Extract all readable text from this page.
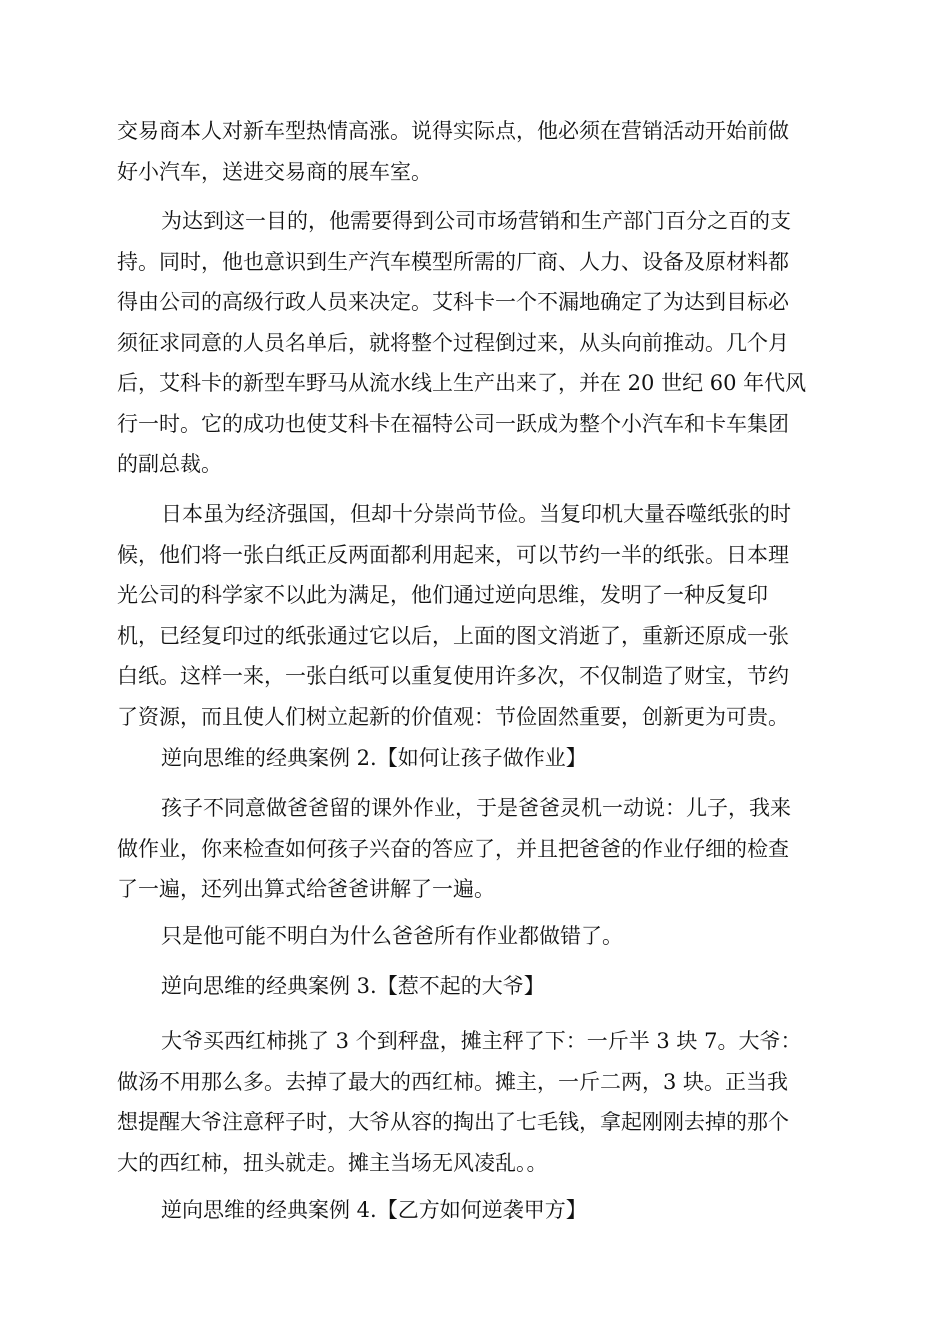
交易商本人对新车型热情高涨。说得实际点，他必须在营销活动开始前做
好小汽车，送进交易商的展车室。
为达到这一目的，他需要得到公司市场营销和生产部门百分之百的支
持。同时，他也意识到生产汽车模型所需的厂商、人力、设备及原材料都
得由公司的高级行政人员来决定。艾科卡一个不漏地确定了为达到目标必
须征求同意的人员名单后，就将整个过程倒过来，从头向前推动。几个月
后，艾科卡的新型车野马从流水线上生产出来了，并在 20 世纪 60 年代风
行一时。它的成功也使艾科卡在福特公司一跃成为整个小汽车和卡车集团
的副总裁。
日本虽为经济强国，但却十分崇尚节俭。当复印机大量吞噬纸张的时
候，他们将一张白纸正反两面都利用起来，可以节约一半的纸张。日本理
光公司的科学家不以此为满足，他们通过逆向思维，发明了一种反复印
机，已经复印过的纸张通过它以后，上面的图文消逝了，重新还原成一张
白纸。这样一来，一张白纸可以重复使用许多次，不仅制造了财宝，节约
了资源，而且使人们树立起新的价值观：节俭固然重要，创新更为可贵。
逆向思维的经典案例 2.【如何让孩子做作业】
孩子不同意做爸爸留的课外作业，于是爸爸灵机一动说：儿子，我来
做作业，你来检查如何孩子兴奋的答应了，并且把爸爸的作业仔细的检查
了一遍，还列出算式给爸爸讲解了一遍。
只是他可能不明白为什么爸爸所有作业都做错了。
逆向思维的经典案例 3.【惹不起的大爷】
大爷买西红柿挑了 3 个到秤盘，摊主秤了下：一斤半 3 块 7。大爷：
做汤不用那么多。去掉了最大的西红柿。摊主，一斤二两，3 块。正当我
想提醒大爷注意秤子时，大爷从容的掏出了七毛钱，拿起刚刚去掉的那个
大的西红柿，扭头就走。摊主当场无风凌乱。。
逆向思维的经典案例 4.【乙方如何逆袭甲方】
